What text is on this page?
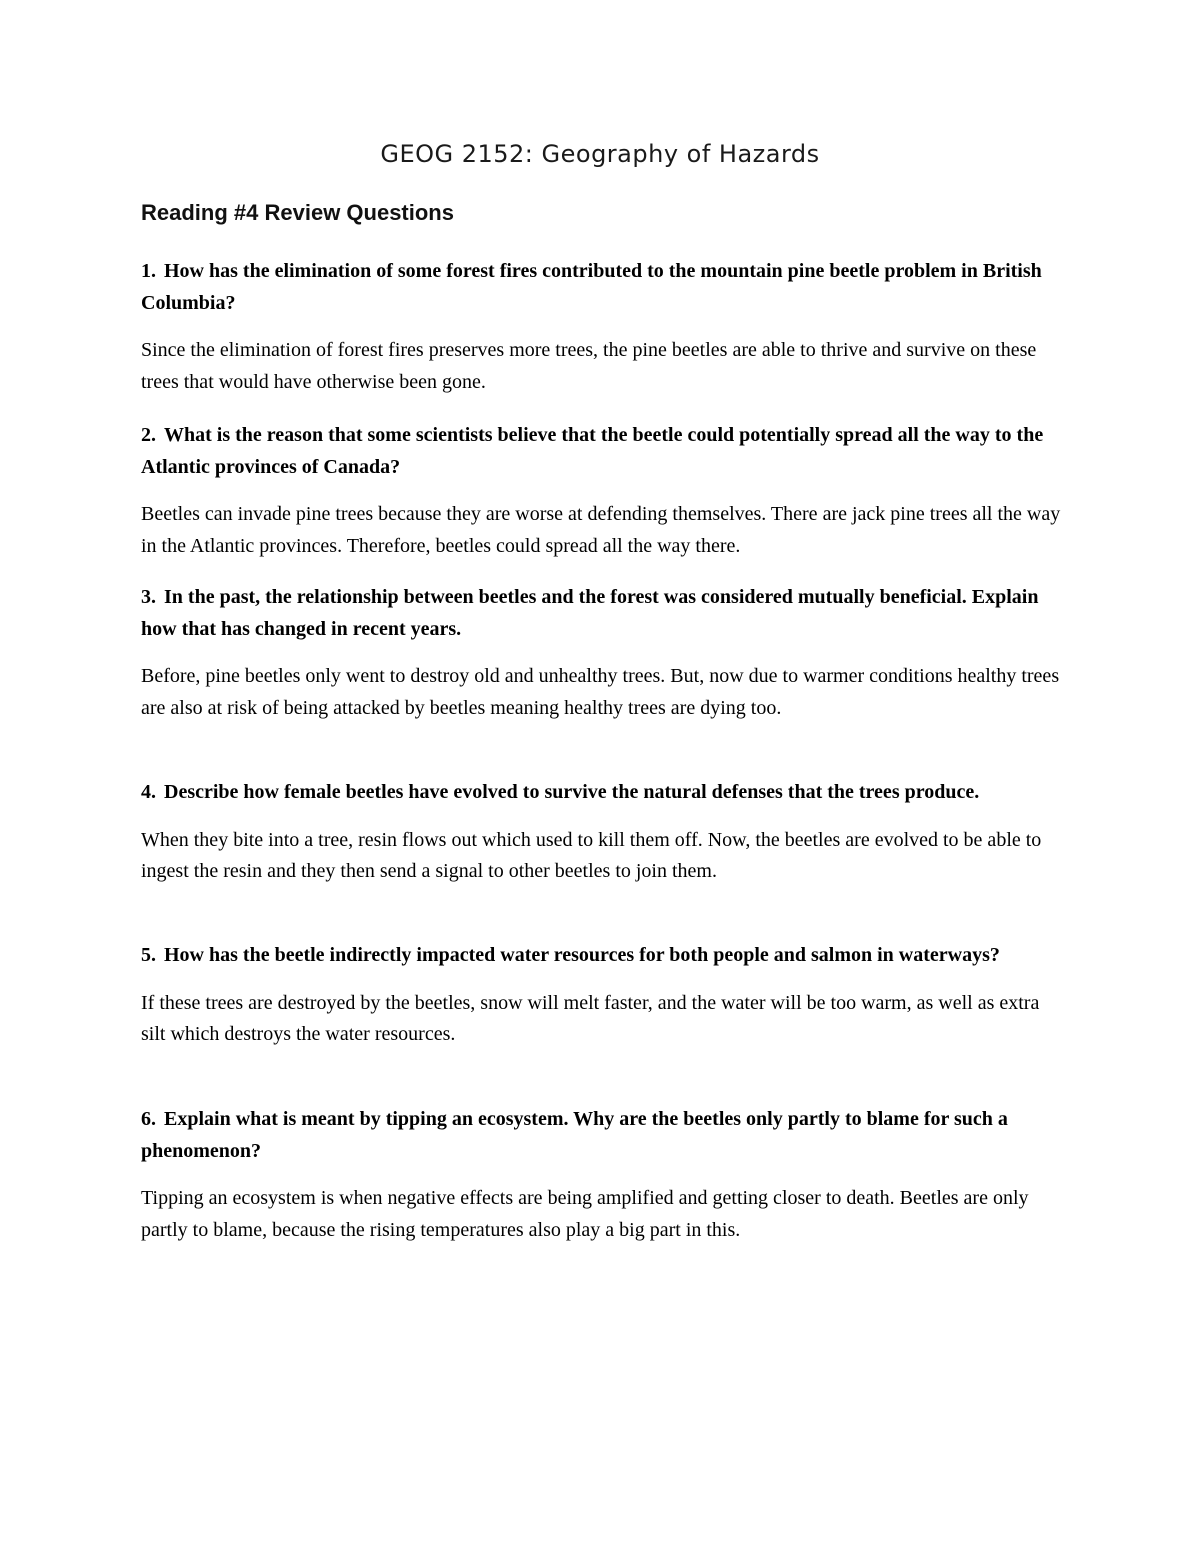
GEOG 2152: Geography of Hazards
Reading #4 Review Questions

1. How has the elimination of some forest fires contributed to the mountain pine beetle problem in British Columbia?

Since the elimination of forest fires preserves more trees, the pine beetles are able to thrive and survive on these trees that would have otherwise been gone.

2. What is the reason that some scientists believe that the beetle could potentially spread all the way to the Atlantic provinces of Canada?

Beetles can invade pine trees because they are worse at defending themselves. There are jack pine trees all the way in the Atlantic provinces. Therefore, beetles could spread all the way there.

3. In the past, the relationship between beetles and the forest was considered mutually beneficial. Explain how that has changed in recent years.

Before, pine beetles only went to destroy old and unhealthy trees. But, now due to warmer conditions healthy trees are also at risk of being attacked by beetles meaning healthy trees are dying too.

4. Describe how female beetles have evolved to survive the natural defenses that the trees produce.

When they bite into a tree, resin flows out which used to kill them off. Now, the beetles are evolved to be able to ingest the resin and they then send a signal to other beetles to join them.

5. How has the beetle indirectly impacted water resources for both people and salmon in waterways?

If these trees are destroyed by the beetles, snow will melt faster, and the water will be too warm, as well as extra silt which destroys the water resources.

6. Explain what is meant by tipping an ecosystem. Why are the beetles only partly to blame for such a phenomenon?

Tipping an ecosystem is when negative effects are being amplified and getting closer to death. Beetles are only partly to blame, because the rising temperatures also play a big part in this.
